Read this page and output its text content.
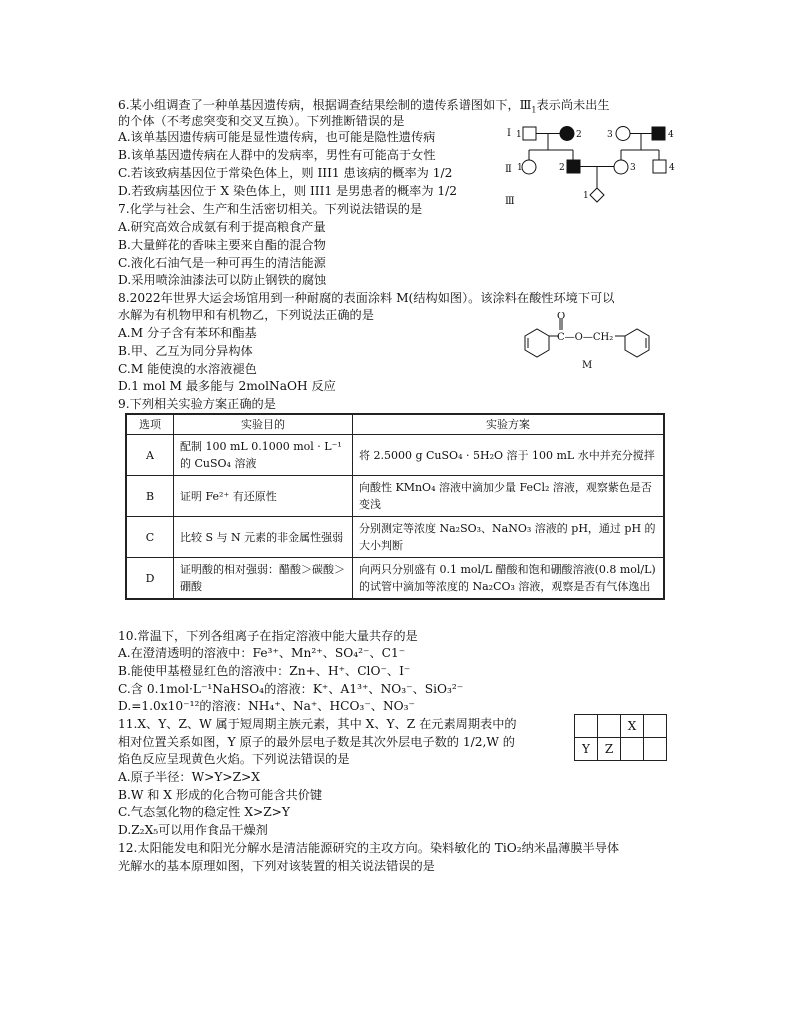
6.某小组调查了一种单基因遗传病，根据调查结果绘制的遗传系谱图如下，$Ⅲ_1$表示尚未出生
的个体（不考虑突变和交叉互换）。下列推断错误的是
A.该单基因遗传病可能是显性遗传病，也可能是隐性遗传病
B.该单基因遗传病在人群中的发病率，男性有可能高于女性
C.若该致病基因位于常染色体上，则 III1 患该病的概率为 1/2
D.若致病基因位于 X 染色体上，则 III1 是男患者的概率为 1/2
Ⅰ
Ⅱ
Ⅲ
1	2	3	4
1	2	3	4
1
7.化学与社会、生产和生活密切相关。下列说法错误的是
A.研究高效合成氨有利于提高粮食产量
B.大量鲜花的香味主要来自酯的混合物
C.液化石油气是一种可再生的清洁能源
D.采用喷涂油漆法可以防止钢铁的腐蚀
8.2022年世界大运会场馆用到一种耐腐的表面涂料 M(结构如图）。该涂料在酸性环境下可以
水解为有机物甲和有机物乙，下列说法正确的是
A.M 分子含有苯环和酯基
B.甲、乙互为同分异构体
C.M 能使溴的水溶液褪色
D.1 mol M 最多能与 2molNaOH 反应
O
C—O—CH₂
M
9.下列相关实验方案正确的是
选项	实验目的	实验方案
A	配制 100 mL 0.1000 mol · L⁻¹ 的 CuSO₄ 溶液	将 2.5000 g CuSO₄ · 5H₂O 溶于 100 mL 水中并充分搅拌
B	证明 Fe²⁺ 有还原性	向酸性 KMnO₄ 溶液中滴加少量 FeCl₂ 溶液，观察紫色是否变浅
C	比较 S 与 N 元素的非金属性强弱	分别测定等浓度 Na₂SO₃、NaNO₃ 溶液的 pH，通过 pH 的大小判断
D	证明酸的相对强弱：醋酸＞碳酸＞硼酸	向两只分别盛有 0.1 mol/L 醋酸和饱和硼酸溶液(0.8 mol/L)的试管中滴加等浓度的 Na₂CO₃ 溶液，观察是否有气体逸出
10.常温下，下列各组离子在指定溶液中能大量共存的是
A.在澄清透明的溶液中：Fe³⁺、Mn²⁺、SO₄²⁻、C1⁻
B.能使甲基橙显红色的溶液中：Zn+、H⁺、ClO⁻、I⁻
C.含 0.1mol·L⁻¹NaHSO₄的溶液：K⁺、A1³⁺、NO₃⁻、SiO₃²⁻
D.=1.0x10⁻¹²的溶液：NH₄⁺、Na⁺、HCO₃⁻、NO₃⁻
11.X、Y、Z、W 属于短周期主族元素，其中 X、Y、Z 在元素周期表中的
相对位置关系如图，Y 原子的最外层电子数是其次外层电子数的 1/2,W 的
焰色反应呈现黄色火焰。下列说法错误的是
A.原子半径：W>Y>Z>X
B.W 和 X 形成的化合物可能含共价键
C.气态氢化物的稳定性 X>Z>Y
D.Z₂X₅可以用作食品干燥剂
		X	
Y	Z		
12.太阳能发电和阳光分解水是清洁能源研究的主攻方向。染料敏化的 TiO₂纳米晶薄膜半导体
光解水的基本原理如图，下列对该装置的相关说法错误的是
